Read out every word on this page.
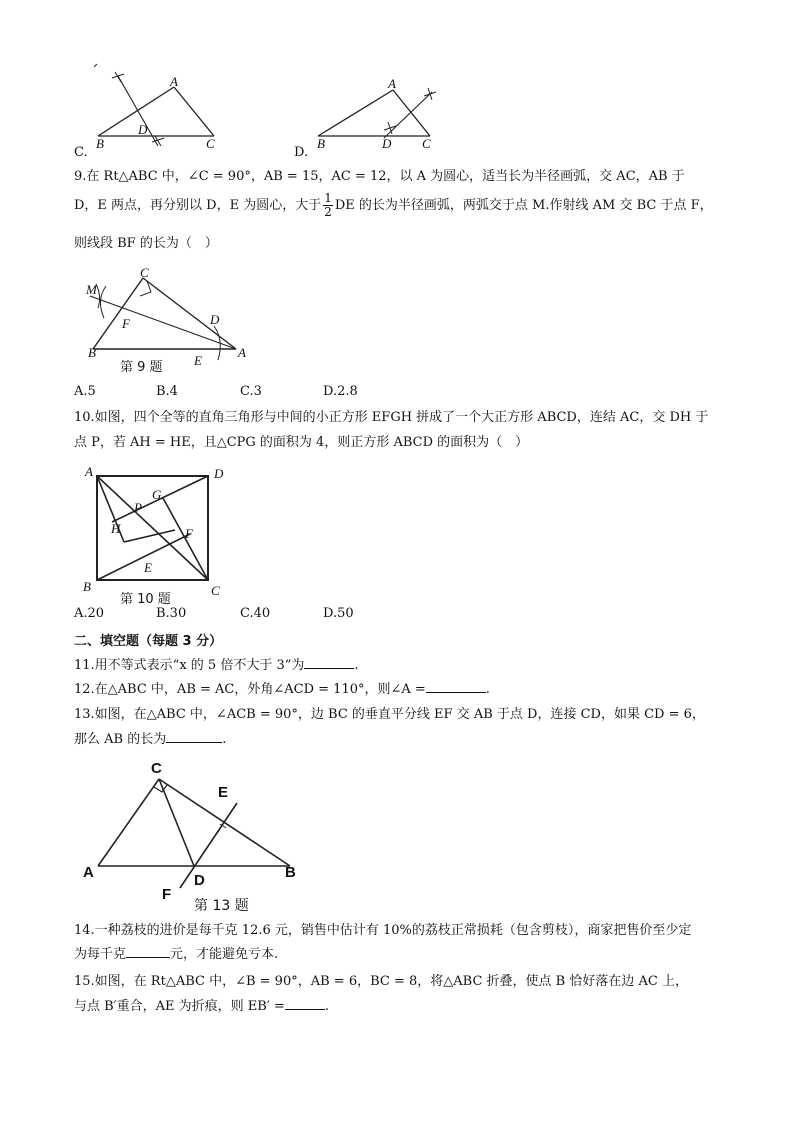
A
B
D
C
C.
A
B	D C
D.
9.在 Rt△ABC 中，∠C = 90°，AB = 15，AC = 12，以 A 为圆心，适当长为半径画弧，交 AC，AB 于
D，E 两点，再分别以 D，E 为圆心，大于 $\frac{1}{2}$ DE 的长为半径画弧，两弧交于点 M.作射线 AM 交 BC 于点 F，
则线段 BF 的长为（　）
C
M
F	D
B
E
A
第 9 题
A.5	B.4	C.3	D.2.8
10.如图，四个全等的直角三角形与中间的小正方形 EFGH 拼成了一个大正方形 ABCD，连结 AC，交 DH 于
点 P，若 AH = HE，且△CPG 的面积为 4，则正方形 ABCD 的面积为（　）
A	D
G
P
H	F
E
B	C
第 10 题
A.20	B.30	C.40	D.50
二、填空题（每题 3 分）
11.用不等式表示“x 的 5 倍不大于 3”为	.
12.在△ABC 中，AB = AC，外角∠ACD = 110°，则∠A =	.
13.如图，在△ABC 中，∠ACB = 90°，边 BC 的垂直平分线 EF 交 AB 于点 D，连接 CD，如果 CD = 6，
那么 AB 的长为	.
C
E
A
F
D	B
第 13 题
14.一种荔枝的进价是每千克 12.6 元，销售中估计有 10%的荔枝正常损耗（包含剪枝），商家把售价至少定
为每千克	元，才能避免亏本.
15.如图，在 Rt△ABC 中，∠B = 90°，AB = 6，BC = 8，将△ABC 折叠，使点 B 恰好落在边 AC 上，
与点 B′重合，AE 为折痕，则 EB′ =	.
